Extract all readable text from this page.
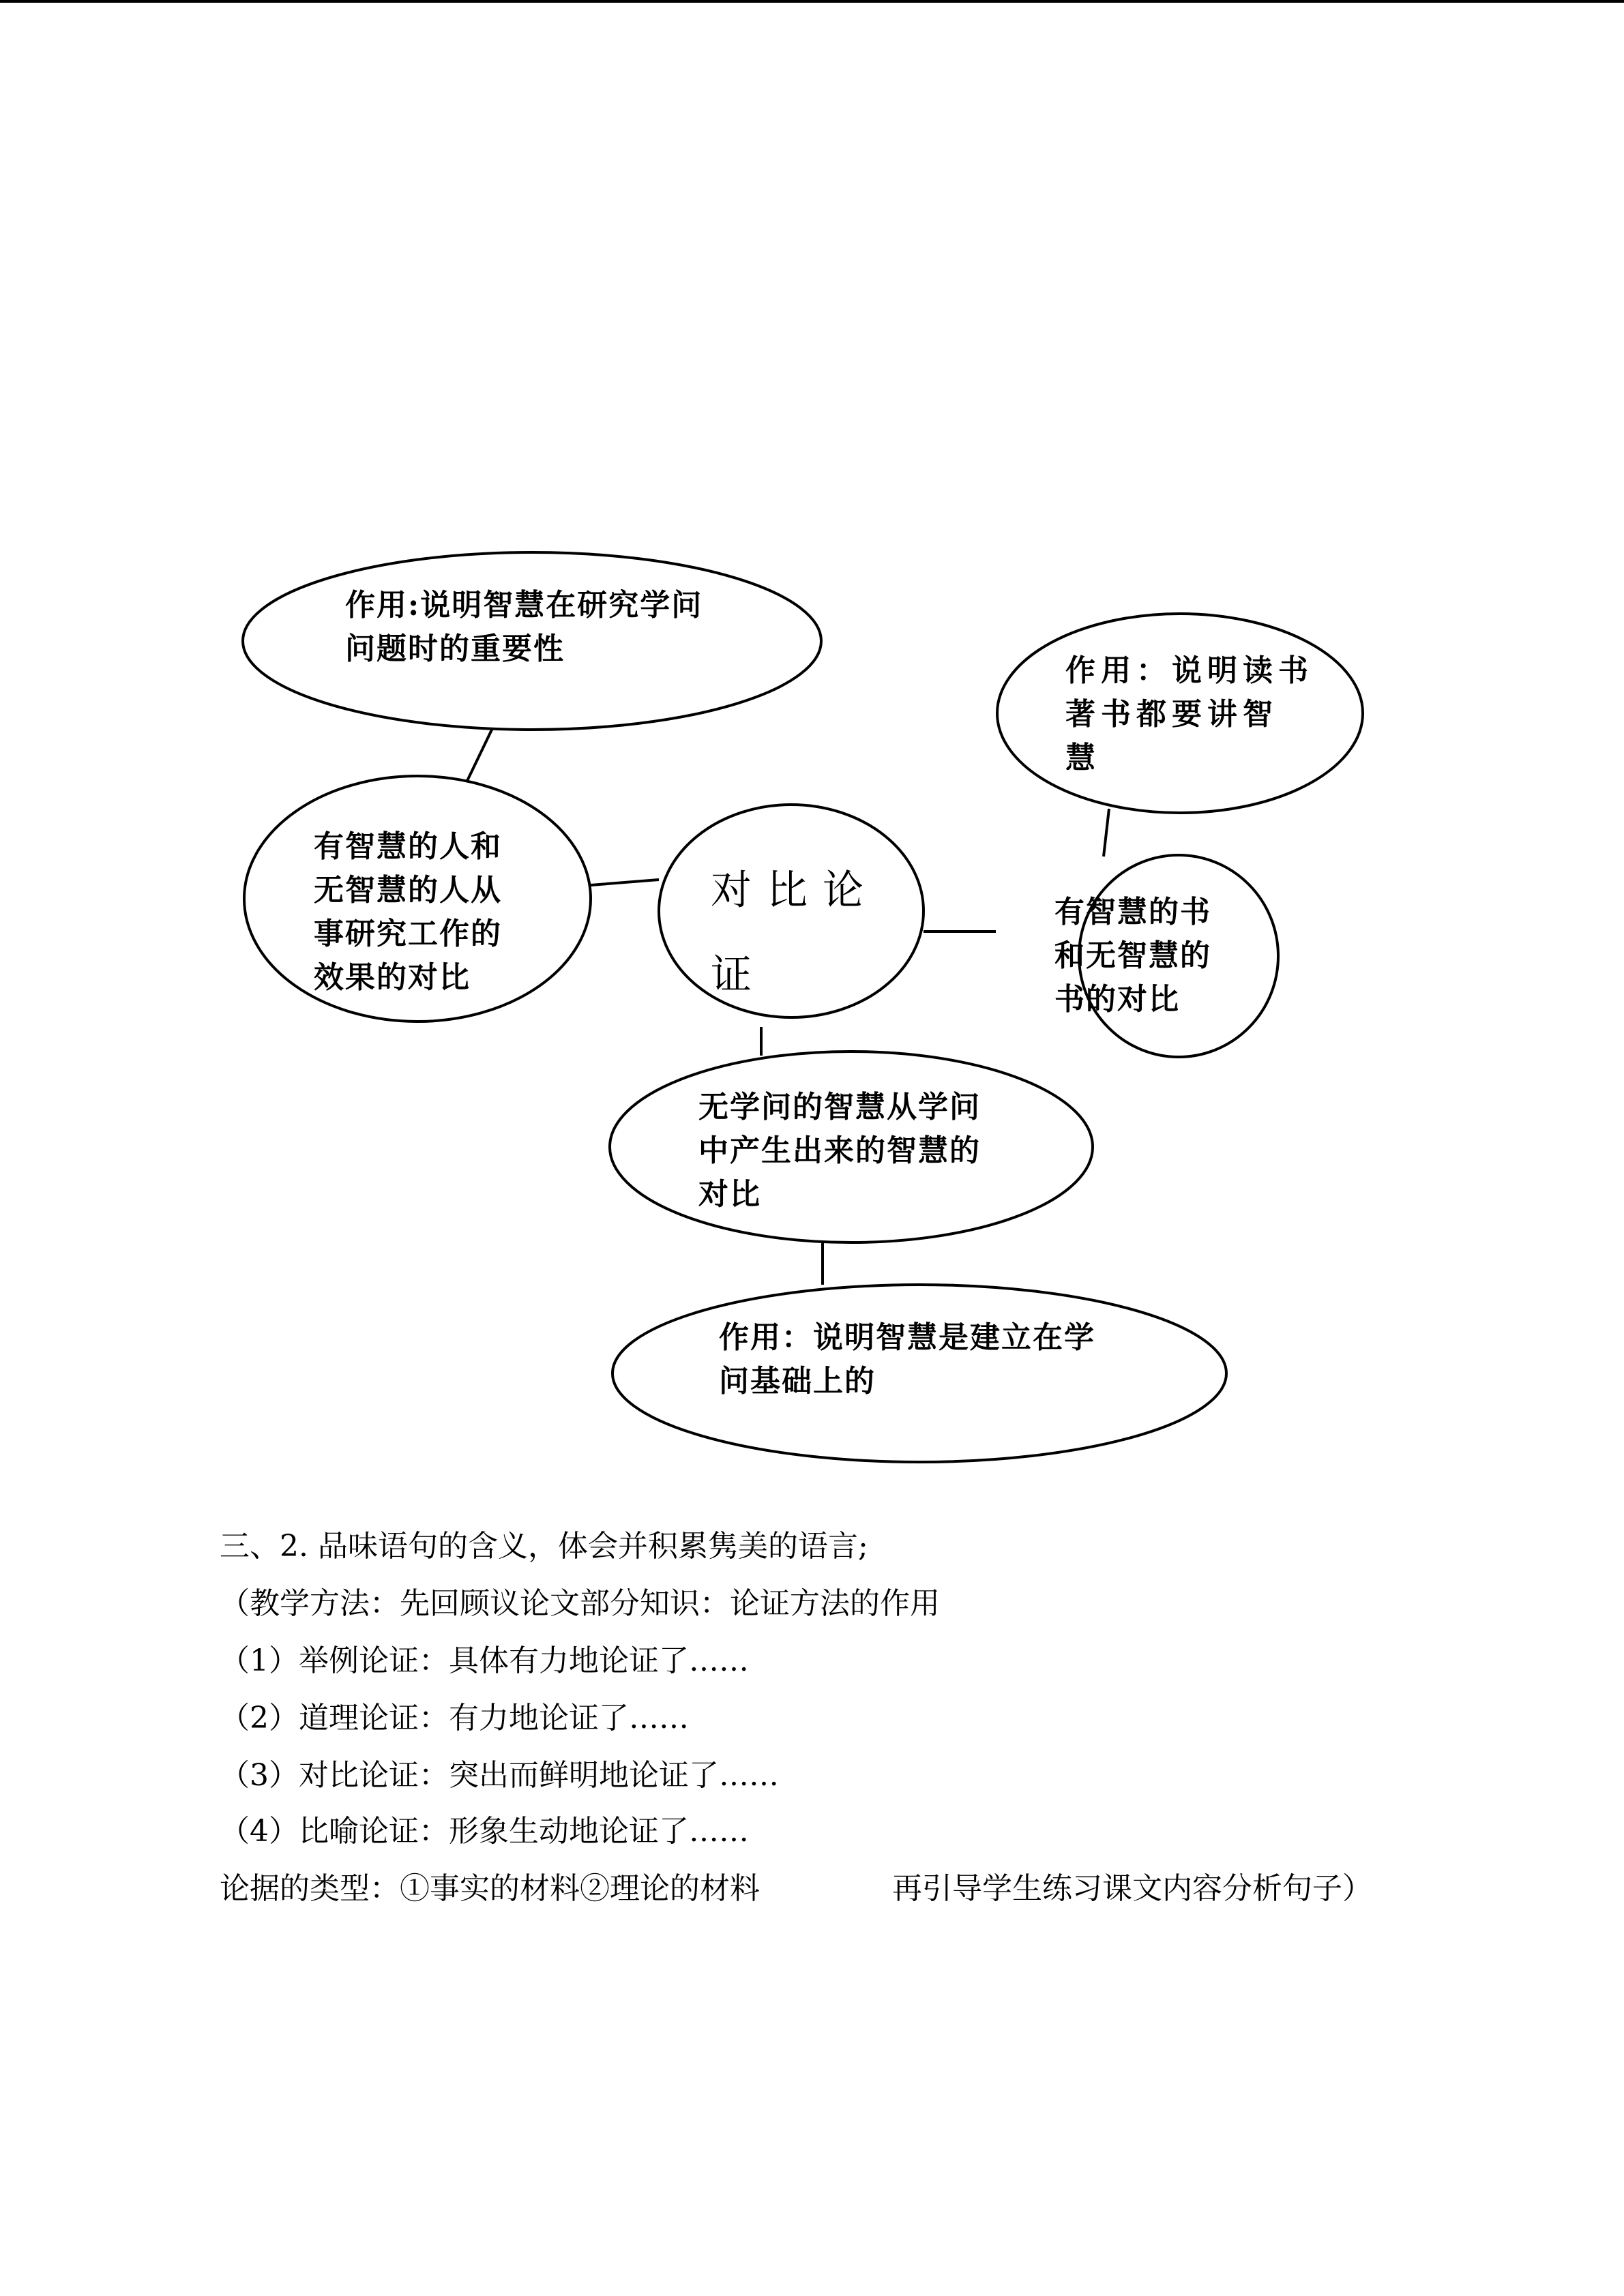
作用:说明智慧在研究学问
问题时的重要性
有智慧的人和
无智慧的人从
事研究工作的
效果的对比
对比论
证
作用：说明读书
著书都要讲智
慧
有智慧的书
和无智慧的
书的对比
无学问的智慧从学问
中产生出来的智慧的
对比
作用：说明智慧是建立在学
问基础上的
三、2. 品味语句的含义，体会并积累隽美的语言;
（教学方法：先回顾议论文部分知识：论证方法的作用
（1）举例论证：具体有力地论证了……
（2）道理论证：有力地论证了……
（3）对比论证：突出而鲜明地论证了……
（4）比喻论证：形象生动地论证了……
论据的类型：①事实的材料②理论的材料	再引导学生练习课文内容分析句子）
